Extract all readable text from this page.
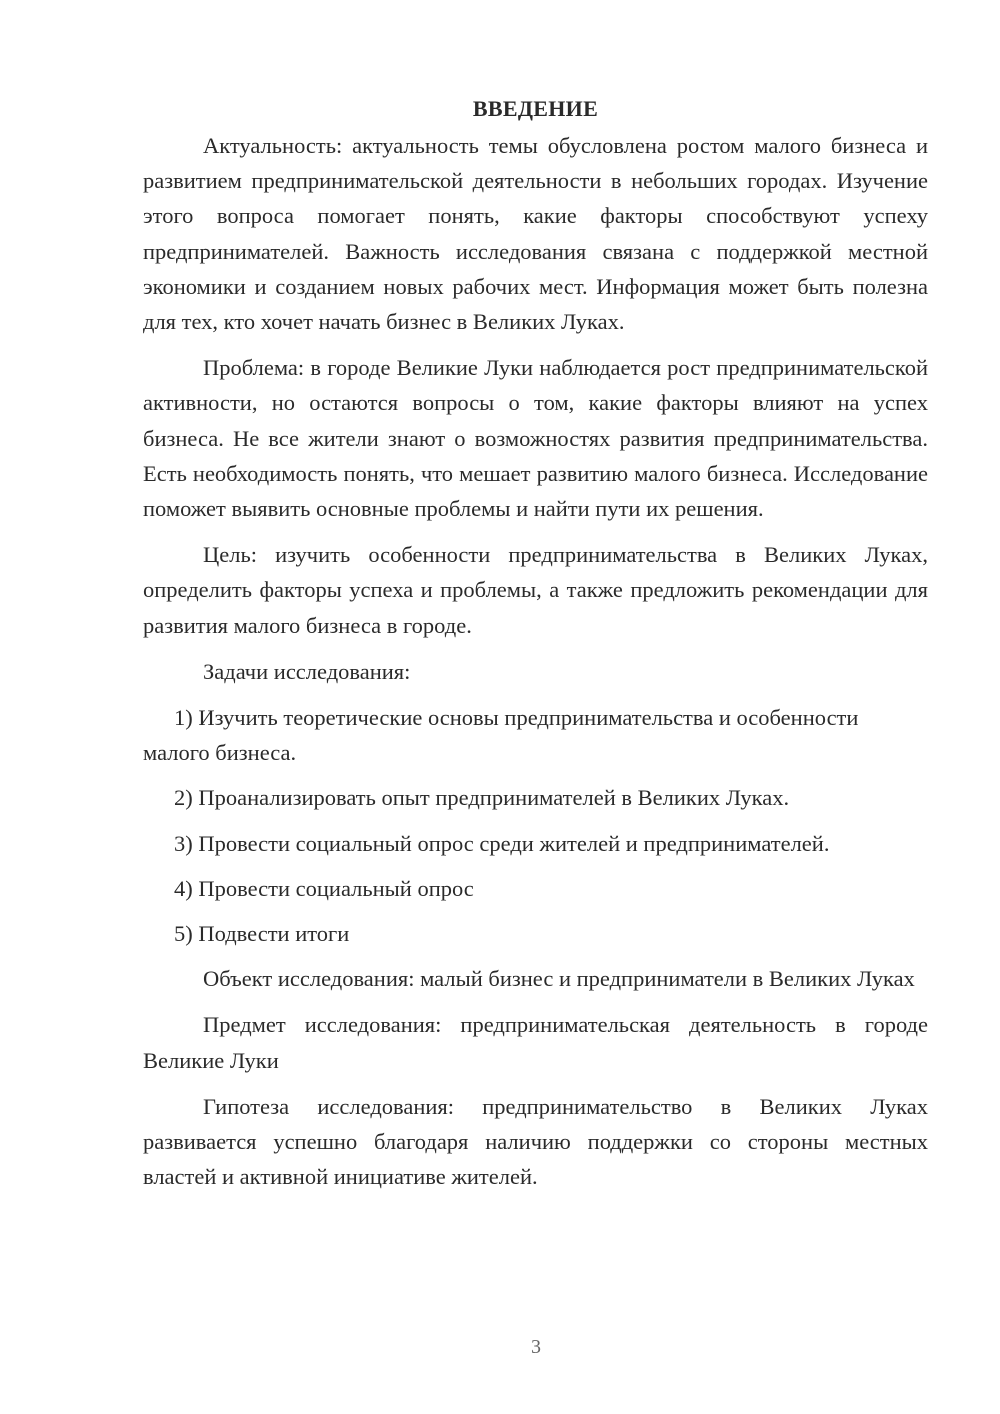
ВВЕДЕНИЕ

Актуальность: актуальность темы обусловлена ростом малого бизнеса и развитием предпринимательской деятельности в небольших городах. Изучение этого вопроса помогает понять, какие факторы способствуют успеху предпринимателей. Важность исследования связана с поддержкой местной экономики и созданием новых рабочих мест. Информация может быть полезна для тех, кто хочет начать бизнес в Великих Луках.

Проблема: в городе Великие Луки наблюдается рост предпринимательской активности, но остаются вопросы о том, какие факторы влияют на успех бизнеса. Не все жители знают о возможностях развития предпринимательства. Есть необходимость понять, что мешает развитию малого бизнеса. Исследование поможет выявить основные проблемы и найти пути их решения.

Цель: изучить особенности предпринимательства в Великих Луках, определить факторы успеха и проблемы, а также предложить рекомендации для развития малого бизнеса в городе.

Задачи исследования:

1) Изучить теоретические основы предпринимательства и особенности малого бизнеса.

2) Проанализировать опыт предпринимателей в Великих Луках.

3) Провести социальный опрос среди жителей и предпринимателей.

4) Провести социальный опрос

5) Подвести итоги

Объект исследования: малый бизнес и предприниматели в Великих Луках

Предмет исследования: предпринимательская деятельность в городе Великие Луки

Гипотеза исследования: предпринимательство в Великих Луках развивается успешно благодаря наличию поддержки со стороны местных властей и активной инициативе жителей.

3
